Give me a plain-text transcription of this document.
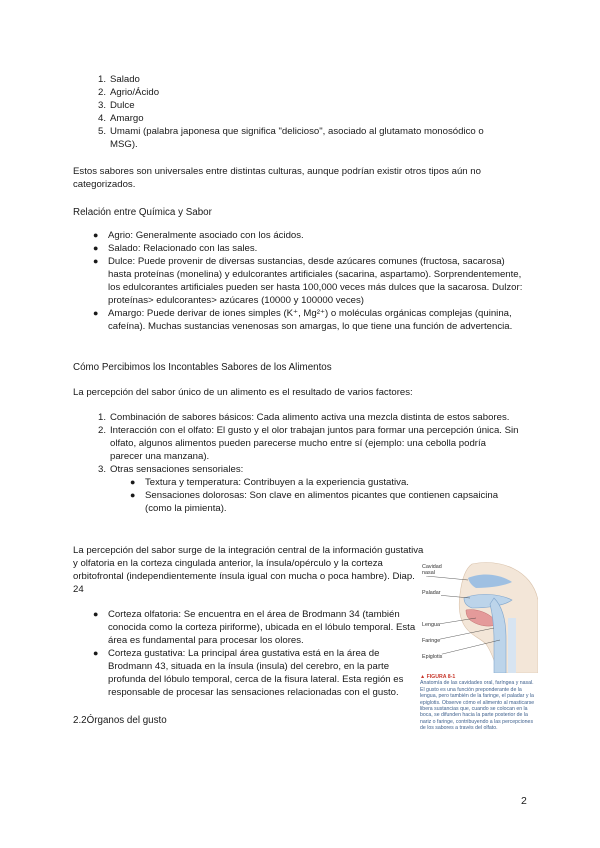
1. Salado
2. Agrio/Ácido
3. Dulce
4. Amargo
5. Umami (palabra japonesa que significa "delicioso", asociado al glutamato monosódico o MSG).

Estos sabores son universales entre distintas culturas, aunque podrían existir otros tipos aún no categorizados.

Relación entre Química y Sabor

● Agrio: Generalmente asociado con los ácidos.
● Salado: Relacionado con las sales.
● Dulce: Puede provenir de diversas sustancias, desde azúcares comunes (fructosa, sacarosa) hasta proteínas (monelina) y edulcorantes artificiales (sacarina, aspartamo). Sorprendentemente, los edulcorantes artificiales pueden ser hasta 100,000 veces más dulces que la sacarosa. Dulzor: proteínas> edulcorantes> azúcares (10000 y 100000 veces)
● Amargo: Puede derivar de iones simples (K⁺, Mg²⁺) o moléculas orgánicas complejas (quinina, cafeína). Muchas sustancias venenosas son amargas, lo que tiene una función de advertencia.

Cómo Percibimos los Incontables Sabores de los Alimentos

La percepción del sabor único de un alimento es el resultado de varios factores:

1. Combinación de sabores básicos: Cada alimento activa una mezcla distinta de estos sabores.
2. Interacción con el olfato: El gusto y el olor trabajan juntos para formar una percepción única. Sin olfato, algunos alimentos pueden parecerse mucho entre sí (ejemplo: una cebolla podría parecer una manzana).
3. Otras sensaciones sensoriales:
● Textura y temperatura: Contribuyen a la experiencia gustativa.
● Sensaciones dolorosas: Son clave en alimentos picantes que contienen capsaicina (como la pimienta).

La percepción del sabor surge de la integración central de la información gustativa y olfatoria en la corteza cingulada anterior, la ínsula/opérculo y la corteza orbitofrontal (independientemente ínsula igual con mucha o poca hambre). Diap. 24

● Corteza olfatoria: Se encuentra en el área de Brodmann 34 (también conocida como la corteza piriforme), ubicada en el lóbulo temporal. Esta área es fundamental para procesar los olores.
● Corteza gustativa: La principal área gustativa está en la área de Brodmann 43, situada en la ínsula (insula) del cerebro, en la parte profunda del lóbulo temporal, cerca de la fisura lateral. Esta región es responsable de procesar las sensaciones relacionadas con el gusto.

2.2Órganos del gusto

Cavidad nasal
Paladar
Lengua
Faringe
Epiglotis
▲ FIGURA 8-1
Anatomía de las cavidades oral, faríngea y nasal. El gusto es una función preponderante de la lengua, pero también de la faringe, el paladar y la epiglotis. Observe cómo el alimento al masticarse libera sustancias que, cuando se colocan en la boca, se difunden hacia la parte posterior de la nariz o faringe, contribuyendo a las percepciones de los sabores a través del olfato.
2
